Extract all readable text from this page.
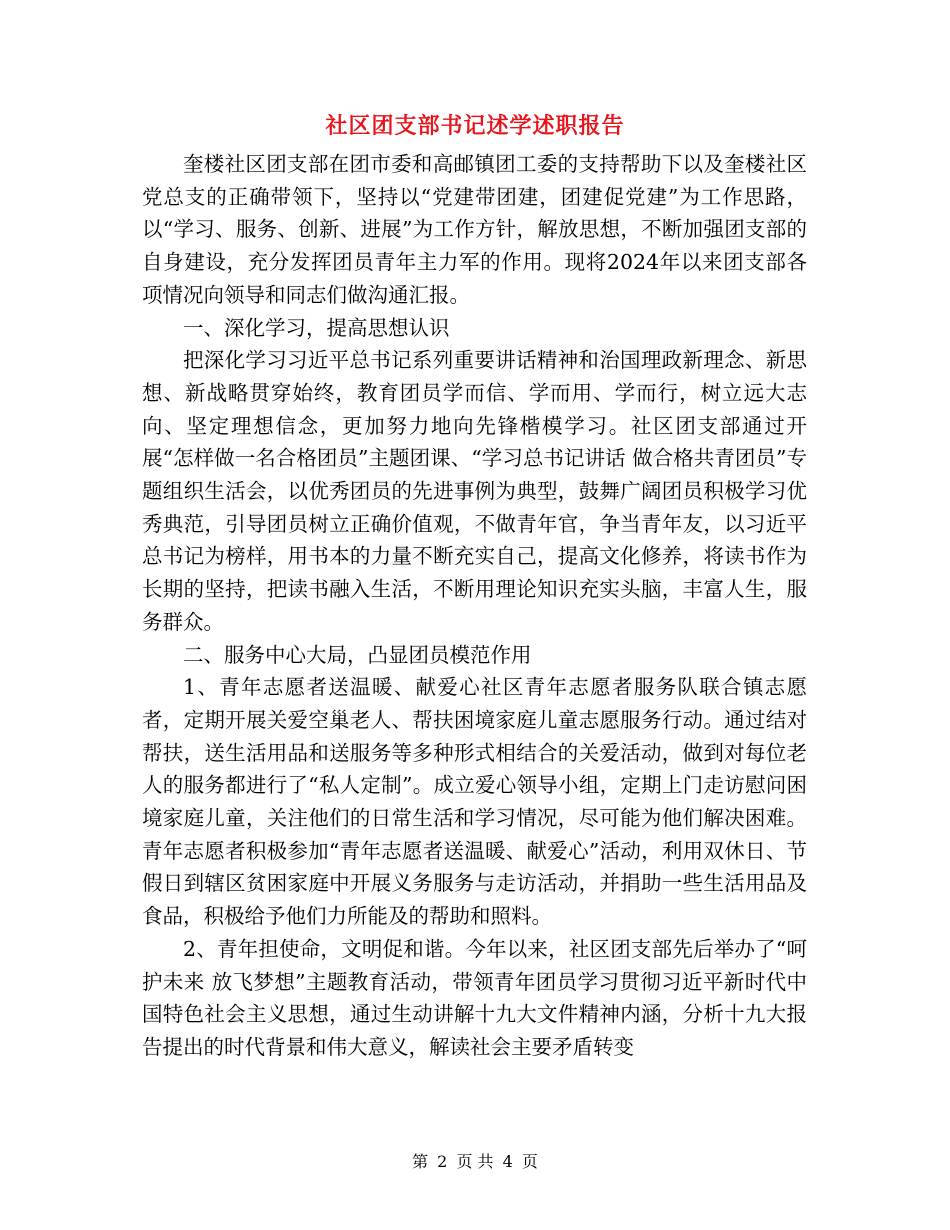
社区团支部书记述学述职报告

奎楼社区团支部在团市委和高邮镇团工委的支持帮助下以及奎楼社区党总支的正确带领下，坚持以“党建带团建，团建促党建”为工作思路，以“学习、服务、创新、进展”为工作方针，解放思想，不断加强团支部的自身建设，充分发挥团员青年主力军的作用。现将2024年以来团支部各项情况向领导和同志们做沟通汇报。

一、深化学习，提高思想认识

把深化学习习近平总书记系列重要讲话精神和治国理政新理念、新思想、新战略贯穿始终，教育团员学而信、学而用、学而行，树立远大志向、坚定理想信念，更加努力地向先锋楷模学习。社区团支部通过开展“怎样做一名合格团员”主题团课、“学习总书记讲话 做合格共青团员”专题组织生活会，以优秀团员的先进事例为典型，鼓舞广阔团员积极学习优秀典范，引导团员树立正确价值观，不做青年官，争当青年友，以习近平总书记为榜样，用书本的力量不断充实自己，提高文化修养，将读书作为长期的坚持，把读书融入生活，不断用理论知识充实头脑，丰富人生，服务群众。

二、服务中心大局，凸显团员模范作用

1、青年志愿者送温暖、献爱心社区青年志愿者服务队联合镇志愿者，定期开展关爱空巢老人、帮扶困境家庭儿童志愿服务行动。通过结对帮扶，送生活用品和送服务等多种形式相结合的关爱活动，做到对每位老人的服务都进行了“私人定制”。成立爱心领导小组，定期上门走访慰问困境家庭儿童，关注他们的日常生活和学习情况，尽可能为他们解决困难。青年志愿者积极参加“青年志愿者送温暖、献爱心”活动，利用双休日、节假日到辖区贫困家庭中开展义务服务与走访活动，并捐助一些生活用品及食品，积极给予他们力所能及的帮助和照料。

2、青年担使命，文明促和谐。今年以来，社区团支部先后举办了“呵护未来 放飞梦想”主题教育活动，带领青年团员学习贯彻习近平新时代中国特色社会主义思想，通过生动讲解十九大文件精神内涵，分析十九大报告提出的时代背景和伟大意义，解读社会主要矛盾转变

第 2 页 共 4 页
